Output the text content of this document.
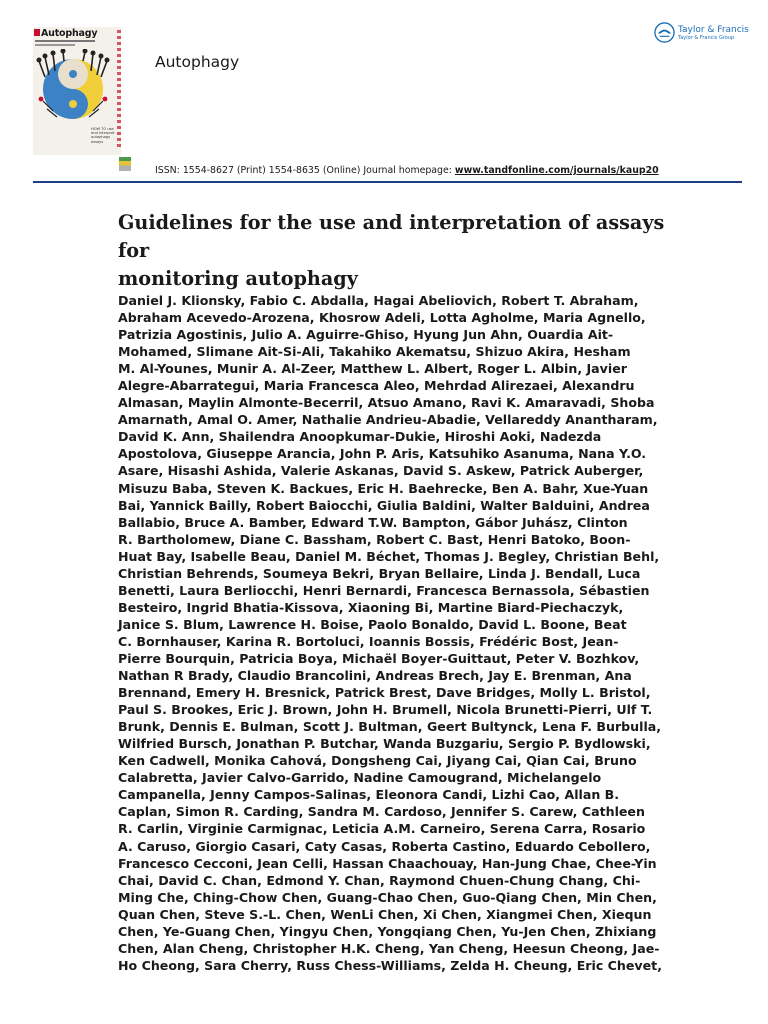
Autophagy
HOW TO use and interpret autophagy assays
Autophagy
ISSN: 1554-8627 (Print) 1554-8635 (Online) Journal homepage: www.tandfonline.com/journals/kaup20
Taylor & Francis
Taylor & Francis Group
Guidelines for the use and interpretation of assays for
monitoring autophagy
Daniel J. Klionsky, Fabio C. Abdalla, Hagai Abeliovich, Robert T. Abraham,
Abraham Acevedo-Arozena, Khosrow Adeli, Lotta Agholme, Maria Agnello,
Patrizia Agostinis, Julio A. Aguirre-Ghiso, Hyung Jun Ahn, Ouardia Ait-
Mohamed, Slimane Ait-Si-Ali, Takahiko Akematsu, Shizuo Akira, Hesham
M. Al-Younes, Munir A. Al-Zeer, Matthew L. Albert, Roger L. Albin, Javier
Alegre-Abarrategui, Maria Francesca Aleo, Mehrdad Alirezaei, Alexandru
Almasan, Maylin Almonte-Becerril, Atsuo Amano, Ravi K. Amaravadi, Shoba
Amarnath, Amal O. Amer, Nathalie Andrieu-Abadie, Vellareddy Anantharam,
David K. Ann, Shailendra Anoopkumar-Dukie, Hiroshi Aoki, Nadezda
Apostolova, Giuseppe Arancia, John P. Aris, Katsuhiko Asanuma, Nana Y.O.
Asare, Hisashi Ashida, Valerie Askanas, David S. Askew, Patrick Auberger,
Misuzu Baba, Steven K. Backues, Eric H. Baehrecke, Ben A. Bahr, Xue-Yuan
Bai, Yannick Bailly, Robert Baiocchi, Giulia Baldini, Walter Balduini, Andrea
Ballabio, Bruce A. Bamber, Edward T.W. Bampton, Gábor Juhász, Clinton
R. Bartholomew, Diane C. Bassham, Robert C. Bast, Henri Batoko, Boon-
Huat Bay, Isabelle Beau, Daniel M. Béchet, Thomas J. Begley, Christian Behl,
Christian Behrends, Soumeya Bekri, Bryan Bellaire, Linda J. Bendall, Luca
Benetti, Laura Berliocchi, Henri Bernardi, Francesca Bernassola, Sébastien
Besteiro, Ingrid Bhatia-Kissova, Xiaoning Bi, Martine Biard-Piechaczyk,
Janice S. Blum, Lawrence H. Boise, Paolo Bonaldo, David L. Boone, Beat
C. Bornhauser, Karina R. Bortoluci, Ioannis Bossis, Frédéric Bost, Jean-
Pierre Bourquin, Patricia Boya, Michaël Boyer-Guittaut, Peter V. Bozhkov,
Nathan R Brady, Claudio Brancolini, Andreas Brech, Jay E. Brenman, Ana
Brennand, Emery H. Bresnick, Patrick Brest, Dave Bridges, Molly L. Bristol,
Paul S. Brookes, Eric J. Brown, John H. Brumell, Nicola Brunetti-Pierri, Ulf T.
Brunk, Dennis E. Bulman, Scott J. Bultman, Geert Bultynck, Lena F. Burbulla,
Wilfried Bursch, Jonathan P. Butchar, Wanda Buzgariu, Sergio P. Bydlowski,
Ken Cadwell, Monika Cahová, Dongsheng Cai, Jiyang Cai, Qian Cai, Bruno
Calabretta, Javier Calvo-Garrido, Nadine Camougrand, Michelangelo
Campanella, Jenny Campos-Salinas, Eleonora Candi, Lizhi Cao, Allan B.
Caplan, Simon R. Carding, Sandra M. Cardoso, Jennifer S. Carew, Cathleen
R. Carlin, Virginie Carmignac, Leticia A.M. Carneiro, Serena Carra, Rosario
A. Caruso, Giorgio Casari, Caty Casas, Roberta Castino, Eduardo Cebollero,
Francesco Cecconi, Jean Celli, Hassan Chaachouay, Han-Jung Chae, Chee-Yin
Chai, David C. Chan, Edmond Y. Chan, Raymond Chuen-Chung Chang, Chi-
Ming Che, Ching-Chow Chen, Guang-Chao Chen, Guo-Qiang Chen, Min Chen,
Quan Chen, Steve S.-L. Chen, WenLi Chen, Xi Chen, Xiangmei Chen, Xiequn
Chen, Ye-Guang Chen, Yingyu Chen, Yongqiang Chen, Yu-Jen Chen, Zhixiang
Chen, Alan Cheng, Christopher H.K. Cheng, Yan Cheng, Heesun Cheong, Jae-
Ho Cheong, Sara Cherry, Russ Chess-Williams, Zelda H. Cheung, Eric Chevet,
